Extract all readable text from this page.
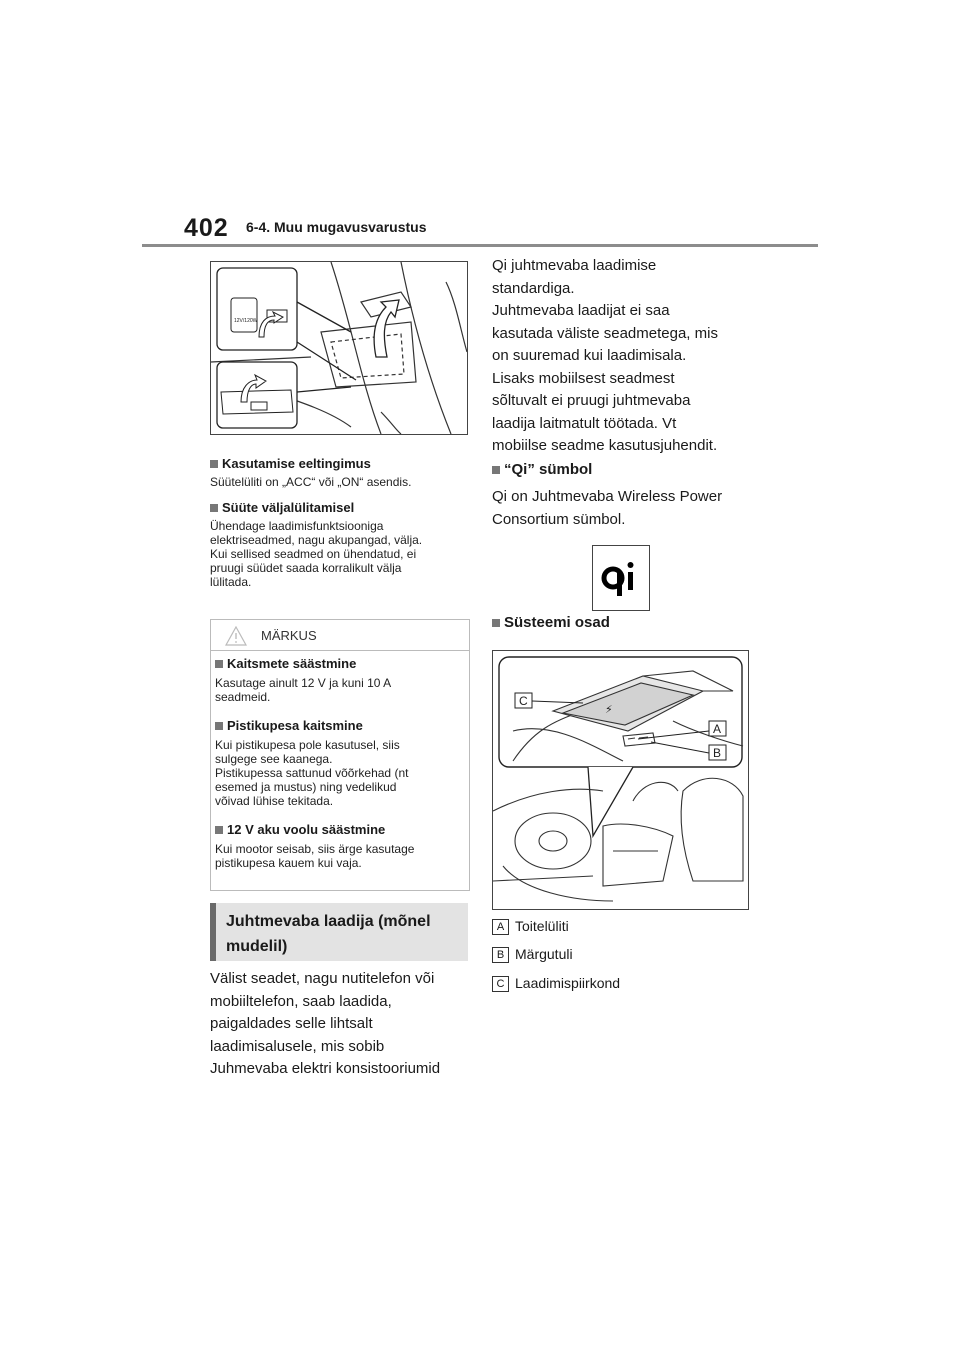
402 6-4. Muu mugavusvarustus
12V/120W
Kasutamise eeltingimus
Süütelüliti on „ACC“ või „ON“ asendis.
Süüte väljalülitamisel
Ühendage laadimisfunktsiooniga
elektriseadmed, nagu akupangad, välja.
Kui sellised seadmed on ühendatud, ei
pruugi süüdet saada korralikult välja
lülitada.
MÄRKUS
Kaitsmete säästmine
Kasutage ainult 12 V ja kuni 10 A
seadmeid.
Pistikupesa kaitsmine
Kui pistikupesa pole kasutusel, siis
sulgege see kaanega.
Pistikupessa sattunud võõrkehad (nt
esemed ja mustus) ning vedelikud
võivad lühise tekitada.
12 V aku voolu säästmine
Kui mootor seisab, siis ärge kasutage
pistikupesa kauem kui vaja.
Juhtmevaba laadija (mõnel
mudelil)
Välist seadet, nagu nutitelefon või
mobiiltelefon, saab laadida,
paigaldades selle lihtsalt
laadimisalusele, mis sobib
Juhmevaba elektri konsistooriumid
Qi juhtmevaba laadimise
standardiga.
Juhtmevaba laadijat ei saa
kasutada väliste seadmetega, mis
on suuremad kui laadimisala.
Lisaks mobiilsest seadmest
sõltuvalt ei pruugi juhtmevaba
laadija laitmatult töötada. Vt
mobiilse seadme kasutusjuhendit.
“Qi” sümbol
Qi on Juhtmevaba Wireless Power
Consortium sümbol.
Süsteemi osad
⚡
C
A
B
A Toitelüliti
B Märgutuli
C Laadimispiirkond
